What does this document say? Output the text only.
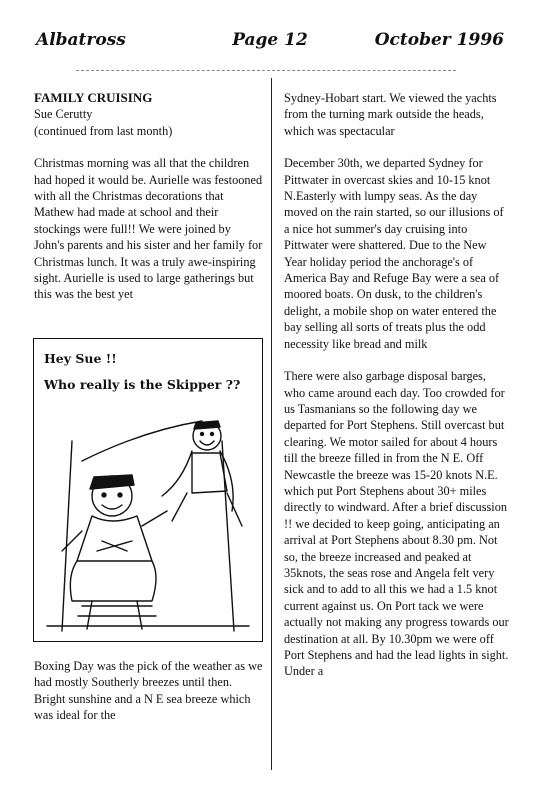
Albatross	Page 12	October 1996

FAMILY CRUISING

Sue Cerutty

(continued from last month)

Christmas morning was all that the children had hoped it would be. Aurielle was festooned with all the Christmas decorations that Mathew had made at school and their stockings were full!! We were joined by John's parents and his sister and her family for Christmas lunch. It was a truly awe-inspiring sight. Aurielle is used to large gatherings but this was the best yet

Hey Sue !!
Who really is the Skipper ??

Boxing Day was the pick of the weather as we had mostly Southerly breezes until then. Bright sunshine and a N E sea breeze which was ideal for the

Sydney-Hobart start. We viewed the yachts from the turning mark outside the heads, which was spectacular

December 30th, we departed Sydney for Pittwater in overcast skies and 10-15 knot N.Easterly with lumpy seas. As the day moved on the rain started, so our illusions of a nice hot summer's day cruising into Pittwater were shattered. Due to the New Year holiday period the anchorage's of America Bay and Refuge Bay were a sea of moored boats. On dusk, to the children's delight, a mobile shop on water entered the bay selling all sorts of treats plus the odd necessity like bread and milk

There were also garbage disposal barges, who came around each day. Too crowded for us Tasmanians so the following day we departed for Port Stephens. Still overcast but clearing. We motor sailed for about 4 hours till the breeze filled in from the N E. Off Newcastle the breeze was 15-20 knots N.E. which put Port Stephens about 30+ miles directly to windward. After a brief discussion !! we decided to keep going, anticipating an arrival at Port Stephens about 8.30 pm. Not so, the breeze increased and peaked at 35knots, the seas rose and Angela felt very sick and to add to all this we had a 1.5 knot current against us. On Port tack we were actually not making any progress towards our destination at all. By 10.30pm we were off Port Stephens and had the lead lights in sight. Under a
